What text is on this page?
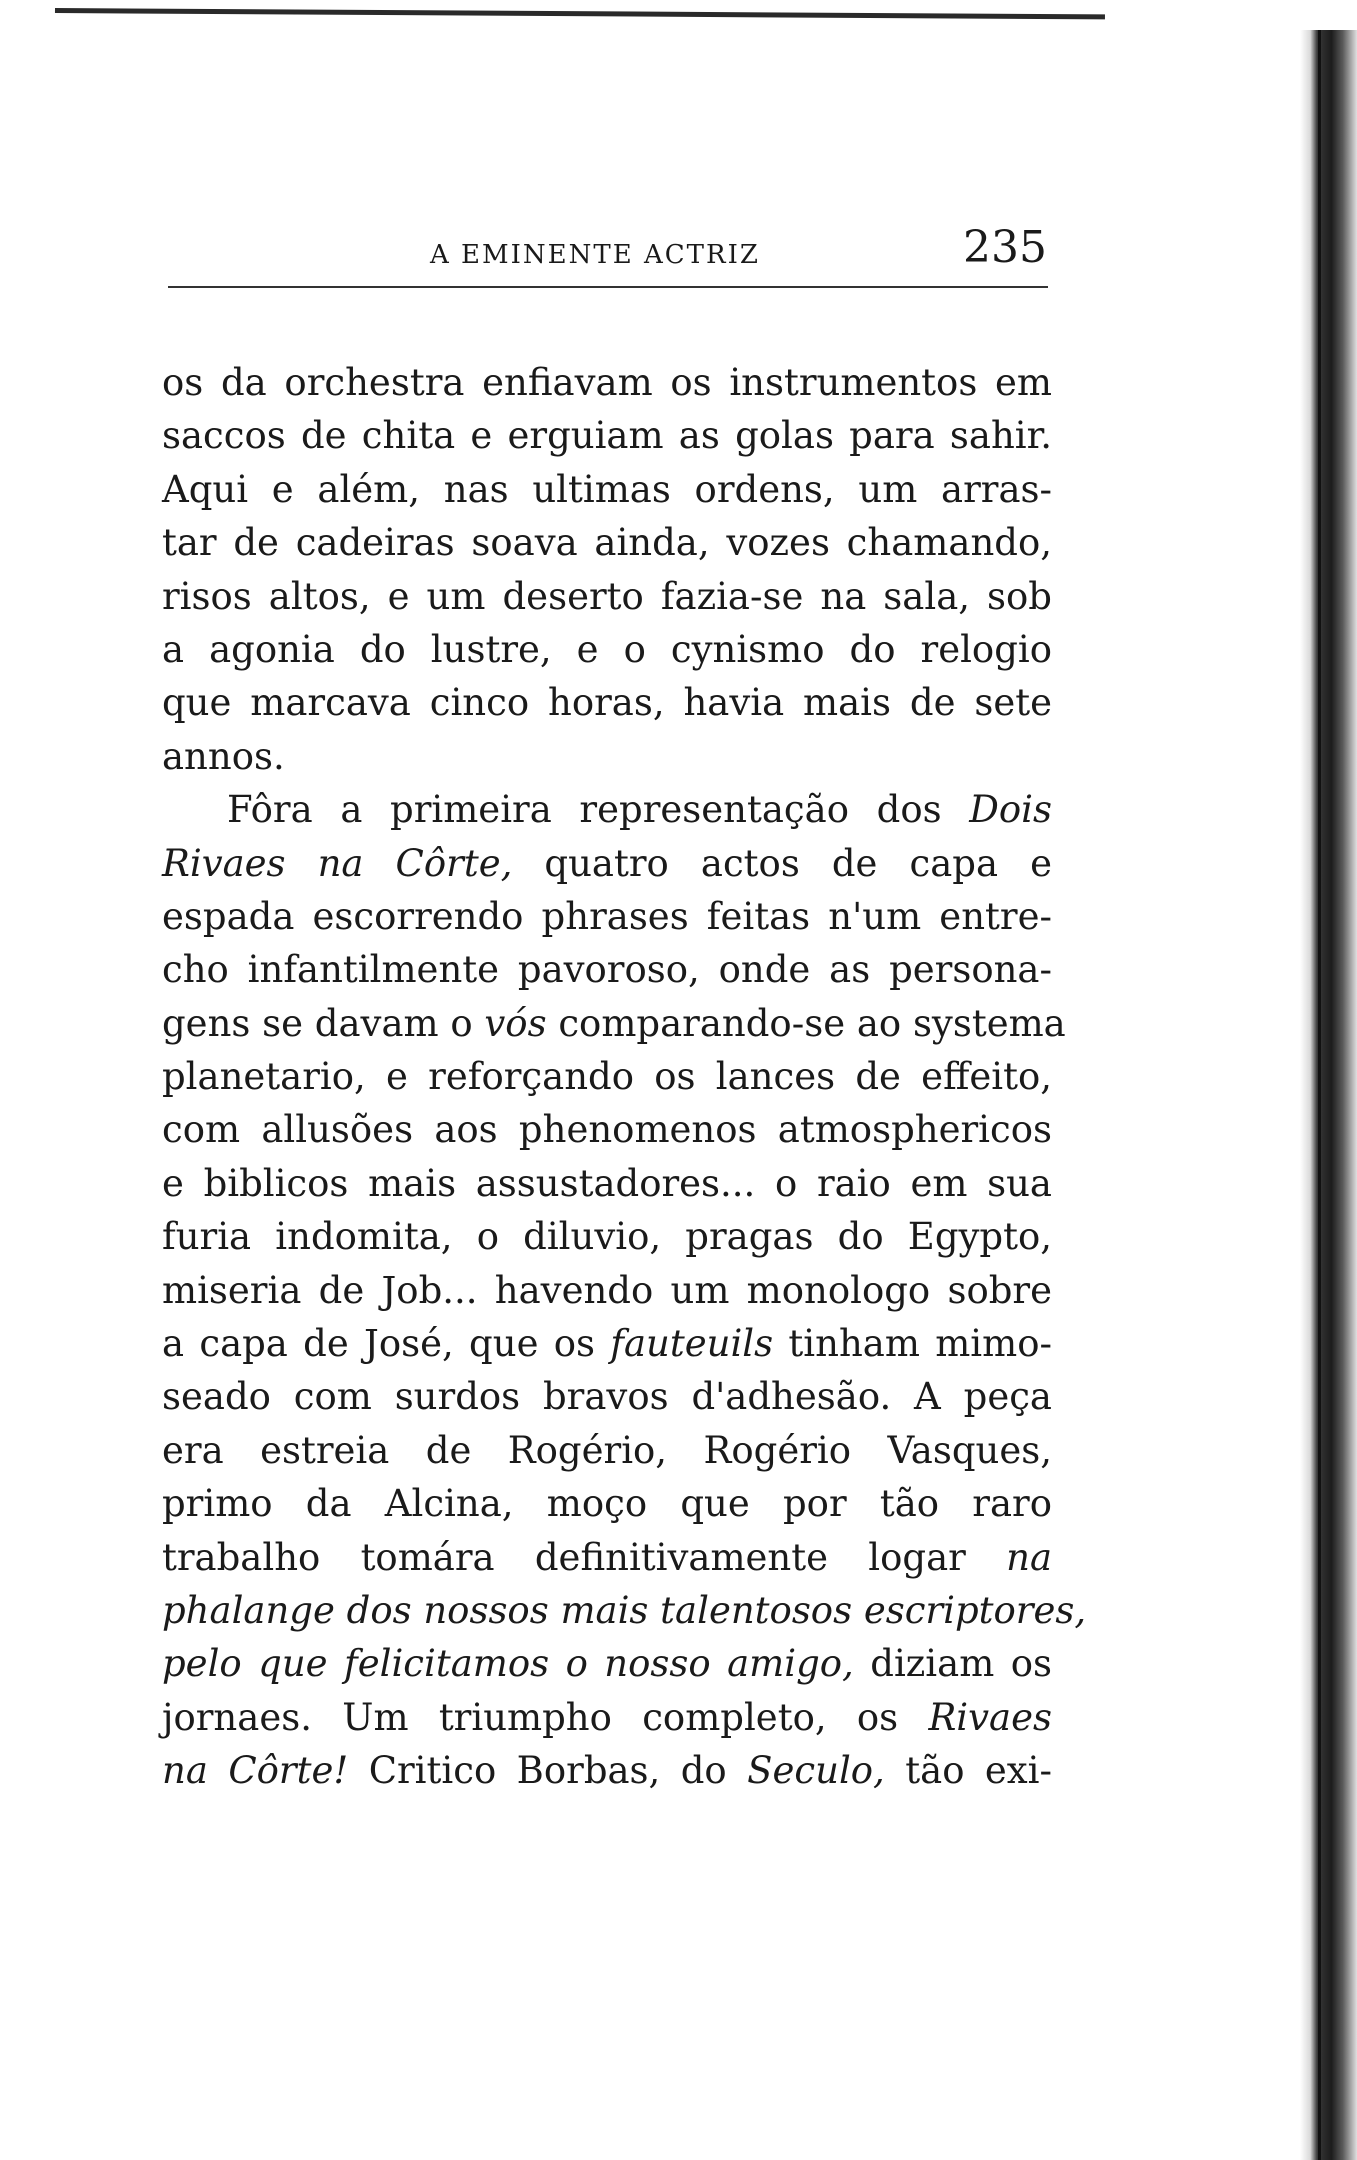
A EMINENTE ACTRIZ	235
os da orchestra enfiavam os instrumentos em
saccos de chita e erguiam as golas para sahir.
Aqui e além, nas ultimas ordens, um arras-
tar de cadeiras soava ainda, vozes chamando,
risos altos, e um deserto fazia-se na sala, sob
a agonia do lustre, e o cynismo do relogio
que marcava cinco horas, havia mais de sete
annos.
Fôra a primeira representação dos Dois
Rivaes na Côrte, quatro actos de capa e
espada escorrendo phrases feitas n'um entre-
cho infantilmente pavoroso, onde as persona-
gens se davam o vós comparando-se ao systema
planetario, e reforçando os lances de effeito,
com allusões aos phenomenos atmosphericos
e biblicos mais assustadores... o raio em sua
furia indomita, o diluvio, pragas do Egypto,
miseria de Job... havendo um monologo sobre
a capa de José, que os fauteuils tinham mimo-
seado com surdos bravos d'adhesão. A peça
era estreia de Rogério, Rogério Vasques,
primo da Alcina, moço que por tão raro
trabalho tomára definitivamente logar na
phalange dos nossos mais talentosos escriptores,
pelo que felicitamos o nosso amigo, diziam os
jornaes. Um triumpho completo, os Rivaes
na Côrte! Critico Borbas, do Seculo, tão exi-
